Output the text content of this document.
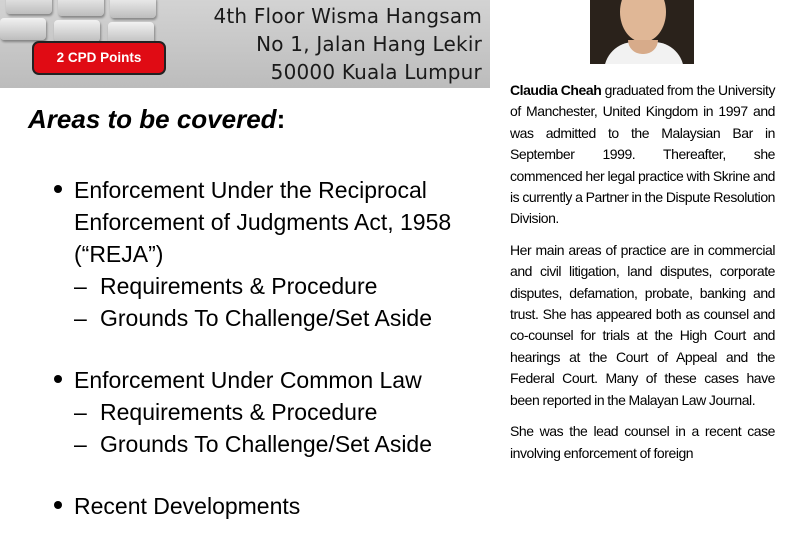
2 CPD Points
4th Floor Wisma Hangsam
No 1, Jalan Hang Lekir
50000 Kuala Lumpur
Areas to be covered:
Enforcement Under the Reciprocal Enforcement of Judgments Act, 1958 (“REJA”)
– Requirements & Procedure
– Grounds To Challenge/Set Aside
Enforcement Under Common Law
– Requirements & Procedure
– Grounds To Challenge/Set Aside
Recent Developments

Claudia Cheah graduated from the University of Manchester, United Kingdom in 1997 and was admitted to the Malaysian Bar in September 1999. Thereafter, she commenced her legal practice with Skrine and is currently a Partner in the Dispute Resolution Division.

Her main areas of practice are in commercial and civil litigation, land disputes, corporate disputes, defamation, probate, banking and trust. She has appeared both as counsel and co-counsel for trials at the High Court and hearings at the Court of Appeal and the Federal Court. Many of these cases have been reported in the Malayan Law Journal.

She was the lead counsel in a recent case involving enforcement of foreign
